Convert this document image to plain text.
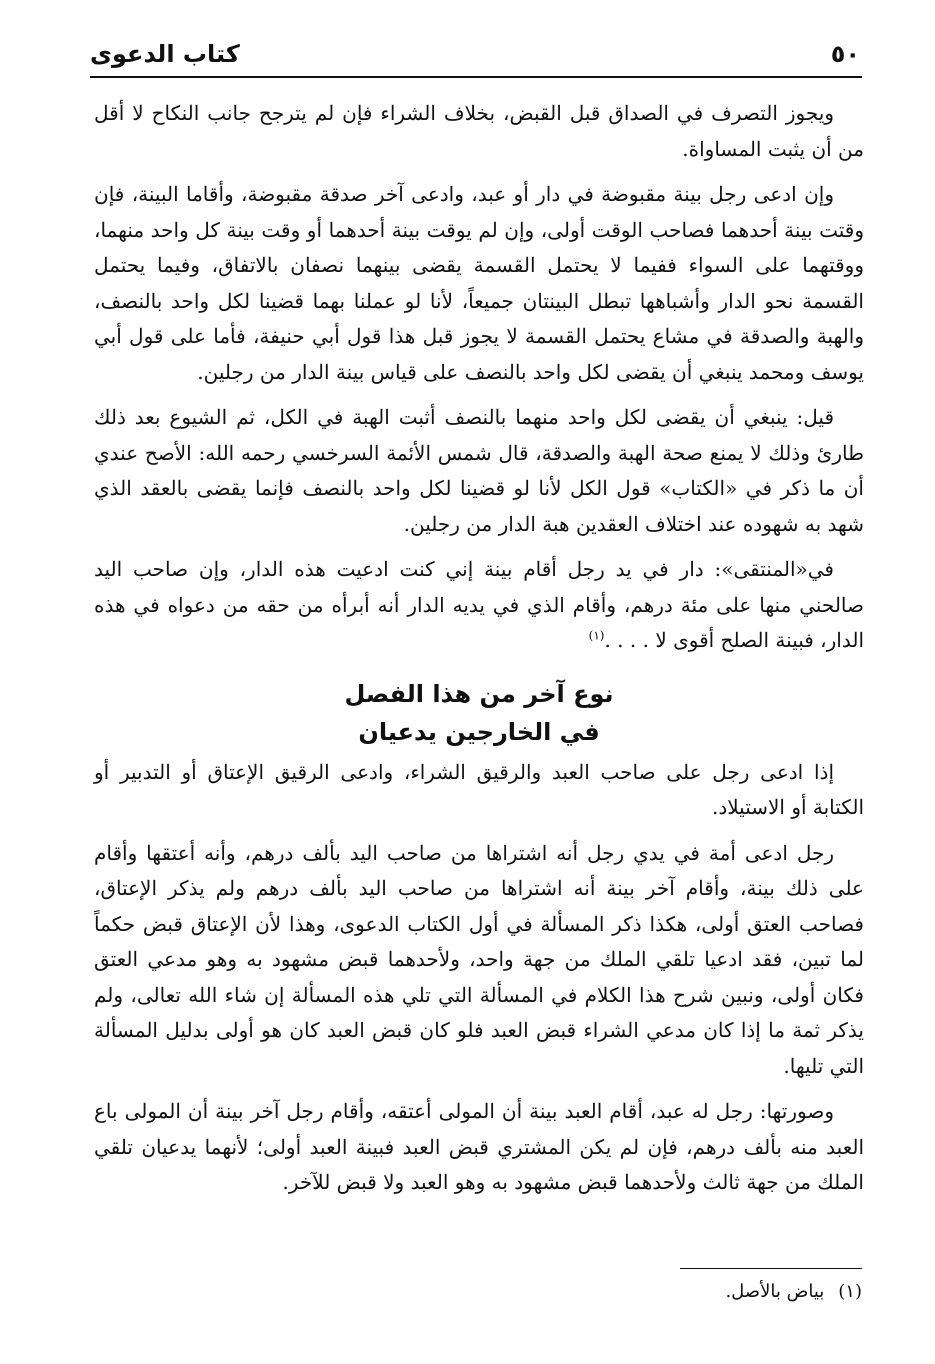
٥٠
كتاب الدعوى

ويجوز التصرف في الصداق قبل القبض، بخلاف الشراء فإن لم يترجح جانب النكاح لا أقل من أن يثبت المساواة.

وإن ادعى رجل بينة مقبوضة في دار أو عبد، وادعى آخر صدقة مقبوضة، وأقاما البينة، فإن وقتت بينة أحدهما فصاحب الوقت أولى، وإن لم يوقت بينة أحدهما أو وقت بينة كل واحد منهما، ووقتهما على السواء ففيما لا يحتمل القسمة يقضى بينهما نصفان بالاتفاق، وفيما يحتمل القسمة نحو الدار وأشباهها تبطل البينتان جميعاً، لأنا لو عملنا بهما قضينا لكل واحد بالنصف، والهبة والصدقة في مشاع يحتمل القسمة لا يجوز قبل هذا قول أبي حنيفة، فأما على قول أبي يوسف ومحمد ينبغي أن يقضى لكل واحد بالنصف على قياس بينة الدار من رجلين.

قيل: ينبغي أن يقضى لكل واحد منهما بالنصف أثبت الهبة في الكل، ثم الشيوع بعد ذلك طارئ وذلك لا يمنع صحة الهبة والصدقة، قال شمس الأئمة السرخسي رحمه الله: الأصح عندي أن ما ذكر في «الكتاب» قول الكل لأنا لو قضينا لكل واحد بالنصف فإنما يقضى بالعقد الذي شهد به شهوده عند اختلاف العقدين هبة الدار من رجلين.

في«المنتقى»: دار في يد رجل أقام بينة إني كنت ادعيت هذه الدار، وإن صاحب اليد صالحني منها على مئة درهم، وأقام الذي في يديه الدار أنه أبرأه من حقه من دعواه في هذه الدار، فبينة الصلح أقوى لا . . . .$^{(١)}$

نوع آخر من هذا الفصل
في الخارجين يدعيان

إذا ادعى رجل على صاحب العبد والرقيق الشراء، وادعى الرقيق الإعتاق أو التدبير أو الكتابة أو الاستيلاد.

رجل ادعى أمة في يدي رجل أنه اشتراها من صاحب اليد بألف درهم، وأنه أعتقها وأقام على ذلك بينة، وأقام آخر بينة أنه اشتراها من صاحب اليد بألف درهم ولم يذكر الإعتاق، فصاحب العتق أولى، هكذا ذكر المسألة في أول الكتاب الدعوى، وهذا لأن الإعتاق قبض حكماً لما تبين، فقد ادعيا تلقي الملك من جهة واحد، ولأحدهما قبض مشهود به وهو مدعي العتق فكان أولى، ونبين شرح هذا الكلام في المسألة التي تلي هذه المسألة إن شاء الله تعالى، ولم يذكر ثمة ما إذا كان مدعي الشراء قبض العبد فلو كان قبض العبد كان هو أولى بدليل المسألة التي تليها.

وصورتها: رجل له عبد، أقام العبد بينة أن المولى أعتقه، وأقام رجل آخر بينة أن المولى باع العبد منه بألف درهم، فإن لم يكن المشتري قبض العبد فبينة العبد أولى؛ لأنهما يدعيان تلقي الملك من جهة ثالث ولأحدهما قبض مشهود به وهو العبد ولا قبض للآخر.

(١)بياض بالأصل.
